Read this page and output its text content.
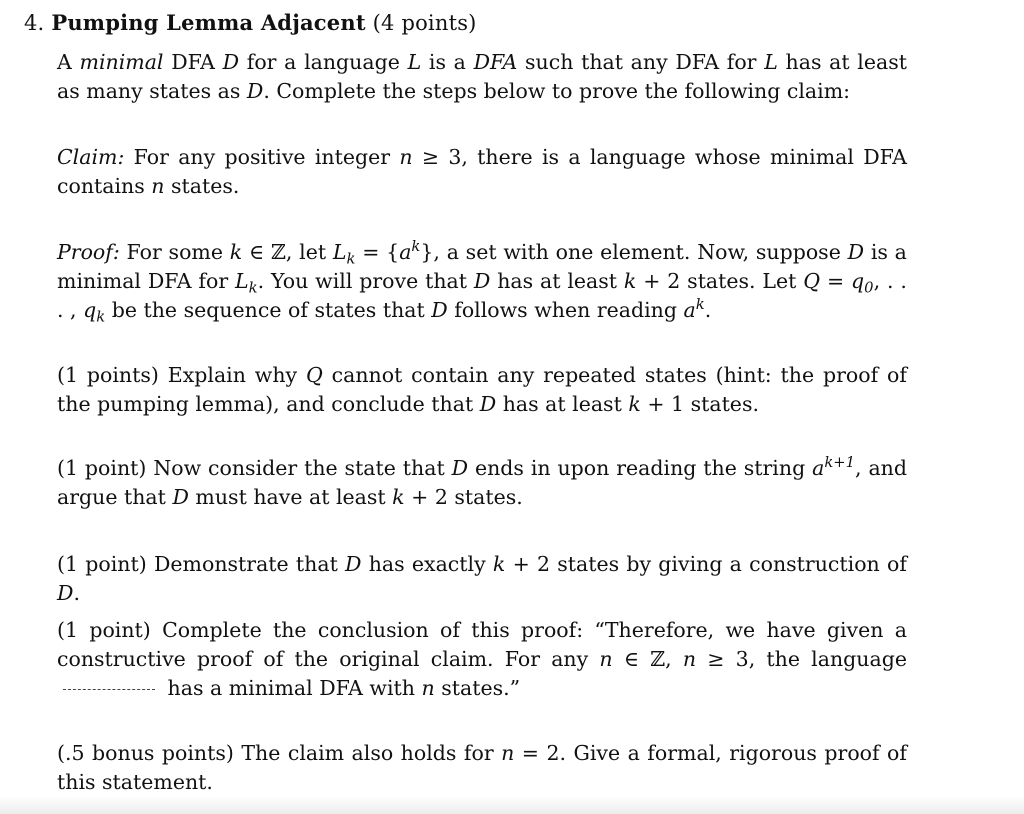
4. Pumping Lemma Adjacent (4 points)

A minimal DFA D for a language L is a DFA such that any DFA for L has at least as many states as D. Complete the steps below to prove the following claim:

Claim: For any positive integer n ≥ 3, there is a language whose minimal DFA contains n states.

Proof: For some k ∈ ℤ, let $L_k = \{a^k\}$, a set with one element. Now, suppose D is a minimal DFA for $L_k$. You will prove that D has at least k + 2 states. Let $Q = q_0$, . . . , $q_k$ be the sequence of states that D follows when reading $a^k$.

(1 points) Explain why Q cannot contain any repeated states (hint: the proof of the pumping lemma), and conclude that D has at least k + 1 states.

(1 point) Now consider the state that D ends in upon reading the string $a^{k+1}$, and argue that D must have at least k + 2 states.

(1 point) Demonstrate that D has exactly k + 2 states by giving a construction of D.

(1 point) Complete the conclusion of this proof: “Therefore, we have given a constructive proof of the original claim. For any n ∈ ℤ, n ≥ 3, the language  has a minimal DFA with n states.”

(.5 bonus points) The claim also holds for n = 2. Give a formal, rigorous proof of this statement.
